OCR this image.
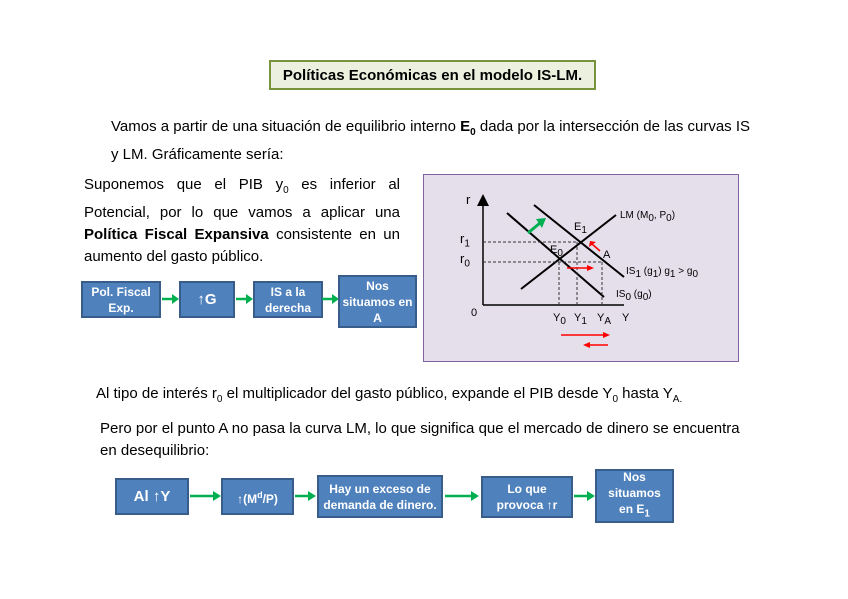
Políticas Económicas en el modelo IS-LM.
Vamos a partir de una situación de equilibrio interno $E_0$ dada por la intersección de las curvas IS y LM. Gráficamente sería:
Suponemos que el PIB $y_0$ es inferior al Potencial, por lo que vamos a aplicar una Política Fiscal Expansiva consistente en un aumento del gasto público.
Pol. Fiscal Exp.	↑G	IS a la derecha
Nos situamos en A
r
Y
0
$r_1$
$r_0$
$E_1$
$E_0$	A
LM ($M_0$, $P_0$)
$IS_1$ $(g_1) g_1 > g_0$
$IS_0$ $(g_0)$
$Y_0$ $Y_1$ $Y_A$
Al tipo de interés $r_0$ el multiplicador del gasto público, expande el PIB desde $Y_0$ hasta $Y_{A.}$
Pero por el punto A no pasa la curva LM, lo que significa que el mercado de dinero se encuentra en desequilibrio:
Al ↑Y	$↑(M^d/P)$
Hay un exceso de demanda de dinero.
Lo que provoca ↑r
Nos situamos
en $E_1$
